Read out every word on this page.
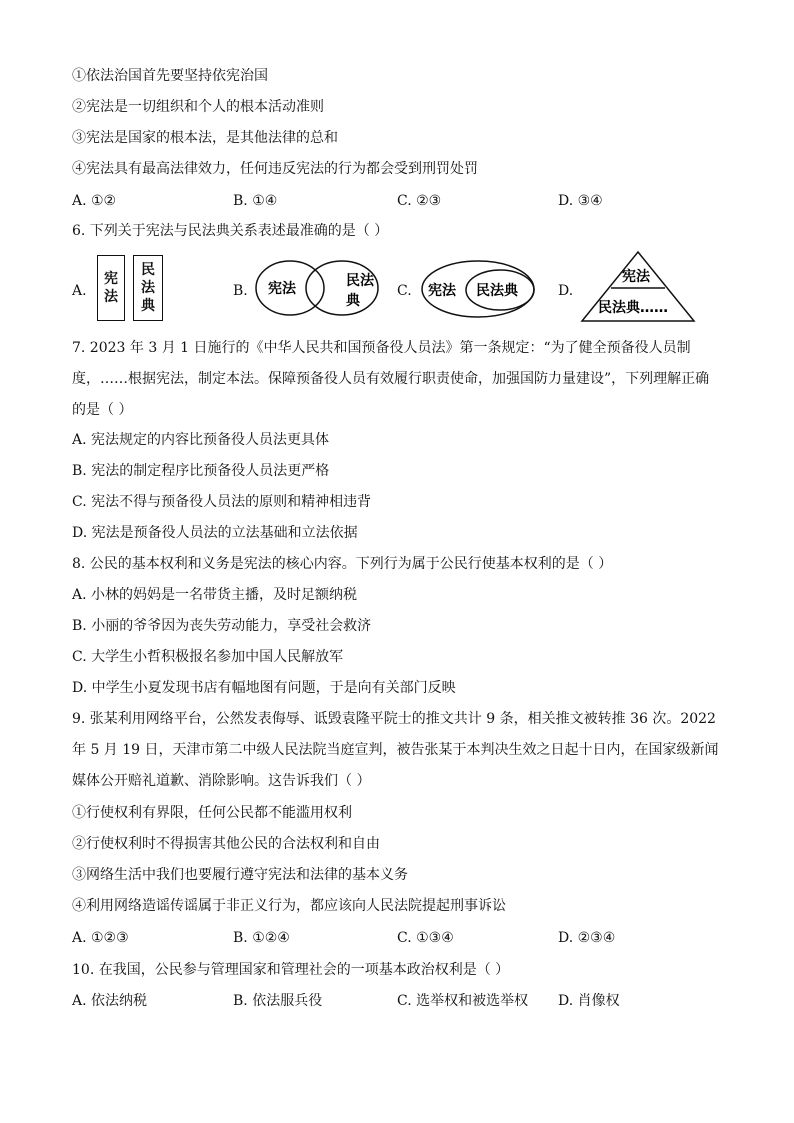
①依法治国首先要坚持依宪治国
②宪法是一切组织和个人的根本活动准则
③宪法是国家的根本法，是其他法律的总和
④宪法具有最高法律效力，任何违反宪法的行为都会受到刑罚处罚
A. ①②	B. ①④	C. ②③	D. ③④
6. 下列关于宪法与民法典关系表述最准确的是（ ）
A.
宪
法
民
法
典
B. 宪法	民法
典
C. 宪法 民法典	D.
宪法
民法典……
7. 2023 年 3 月 1 日施行的《中华人民共和国预备役人员法》第一条规定：“为了健全预备役人员制
度，……根据宪法，制定本法。保障预备役人员有效履行职责使命，加强国防力量建设”，下列理解正确
的是（ ）
A. 宪法规定的内容比预备役人员法更具体
B. 宪法的制定程序比预备役人员法更严格
C. 宪法不得与预备役人员法的原则和精神相违背
D. 宪法是预备役人员法的立法基础和立法依据
8. 公民的基本权利和义务是宪法的核心内容。下列行为属于公民行使基本权利的是（ ）
A. 小林的妈妈是一名带货主播，及时足额纳税
B. 小丽的爷爷因为丧失劳动能力，享受社会救济
C. 大学生小哲积极报名参加中国人民解放军
D. 中学生小夏发现书店有幅地图有问题，于是向有关部门反映
9. 张某利用网络平台，公然发表侮辱、诋毁袁隆平院士的推文共计 9 条，相关推文被转推 36 次。2022
年 5 月 19 日，天津市第二中级人民法院当庭宣判，被告张某于本判决生效之日起十日内，在国家级新闻
媒体公开赔礼道歉、消除影响。这告诉我们（ ）
①行使权利有界限，任何公民都不能滥用权利
②行使权利时不得损害其他公民的合法权利和自由
③网络生活中我们也要履行遵守宪法和法律的基本义务
④利用网络造谣传谣属于非正义行为，都应该向人民法院提起刑事诉讼
A. ①②③	B. ①②④	C. ①③④	D. ②③④
10. 在我国，公民参与管理国家和管理社会的一项基本政治权利是（ ）
A. 依法纳税	B. 依法服兵役	C. 选举权和被选举权 D. 肖像权
